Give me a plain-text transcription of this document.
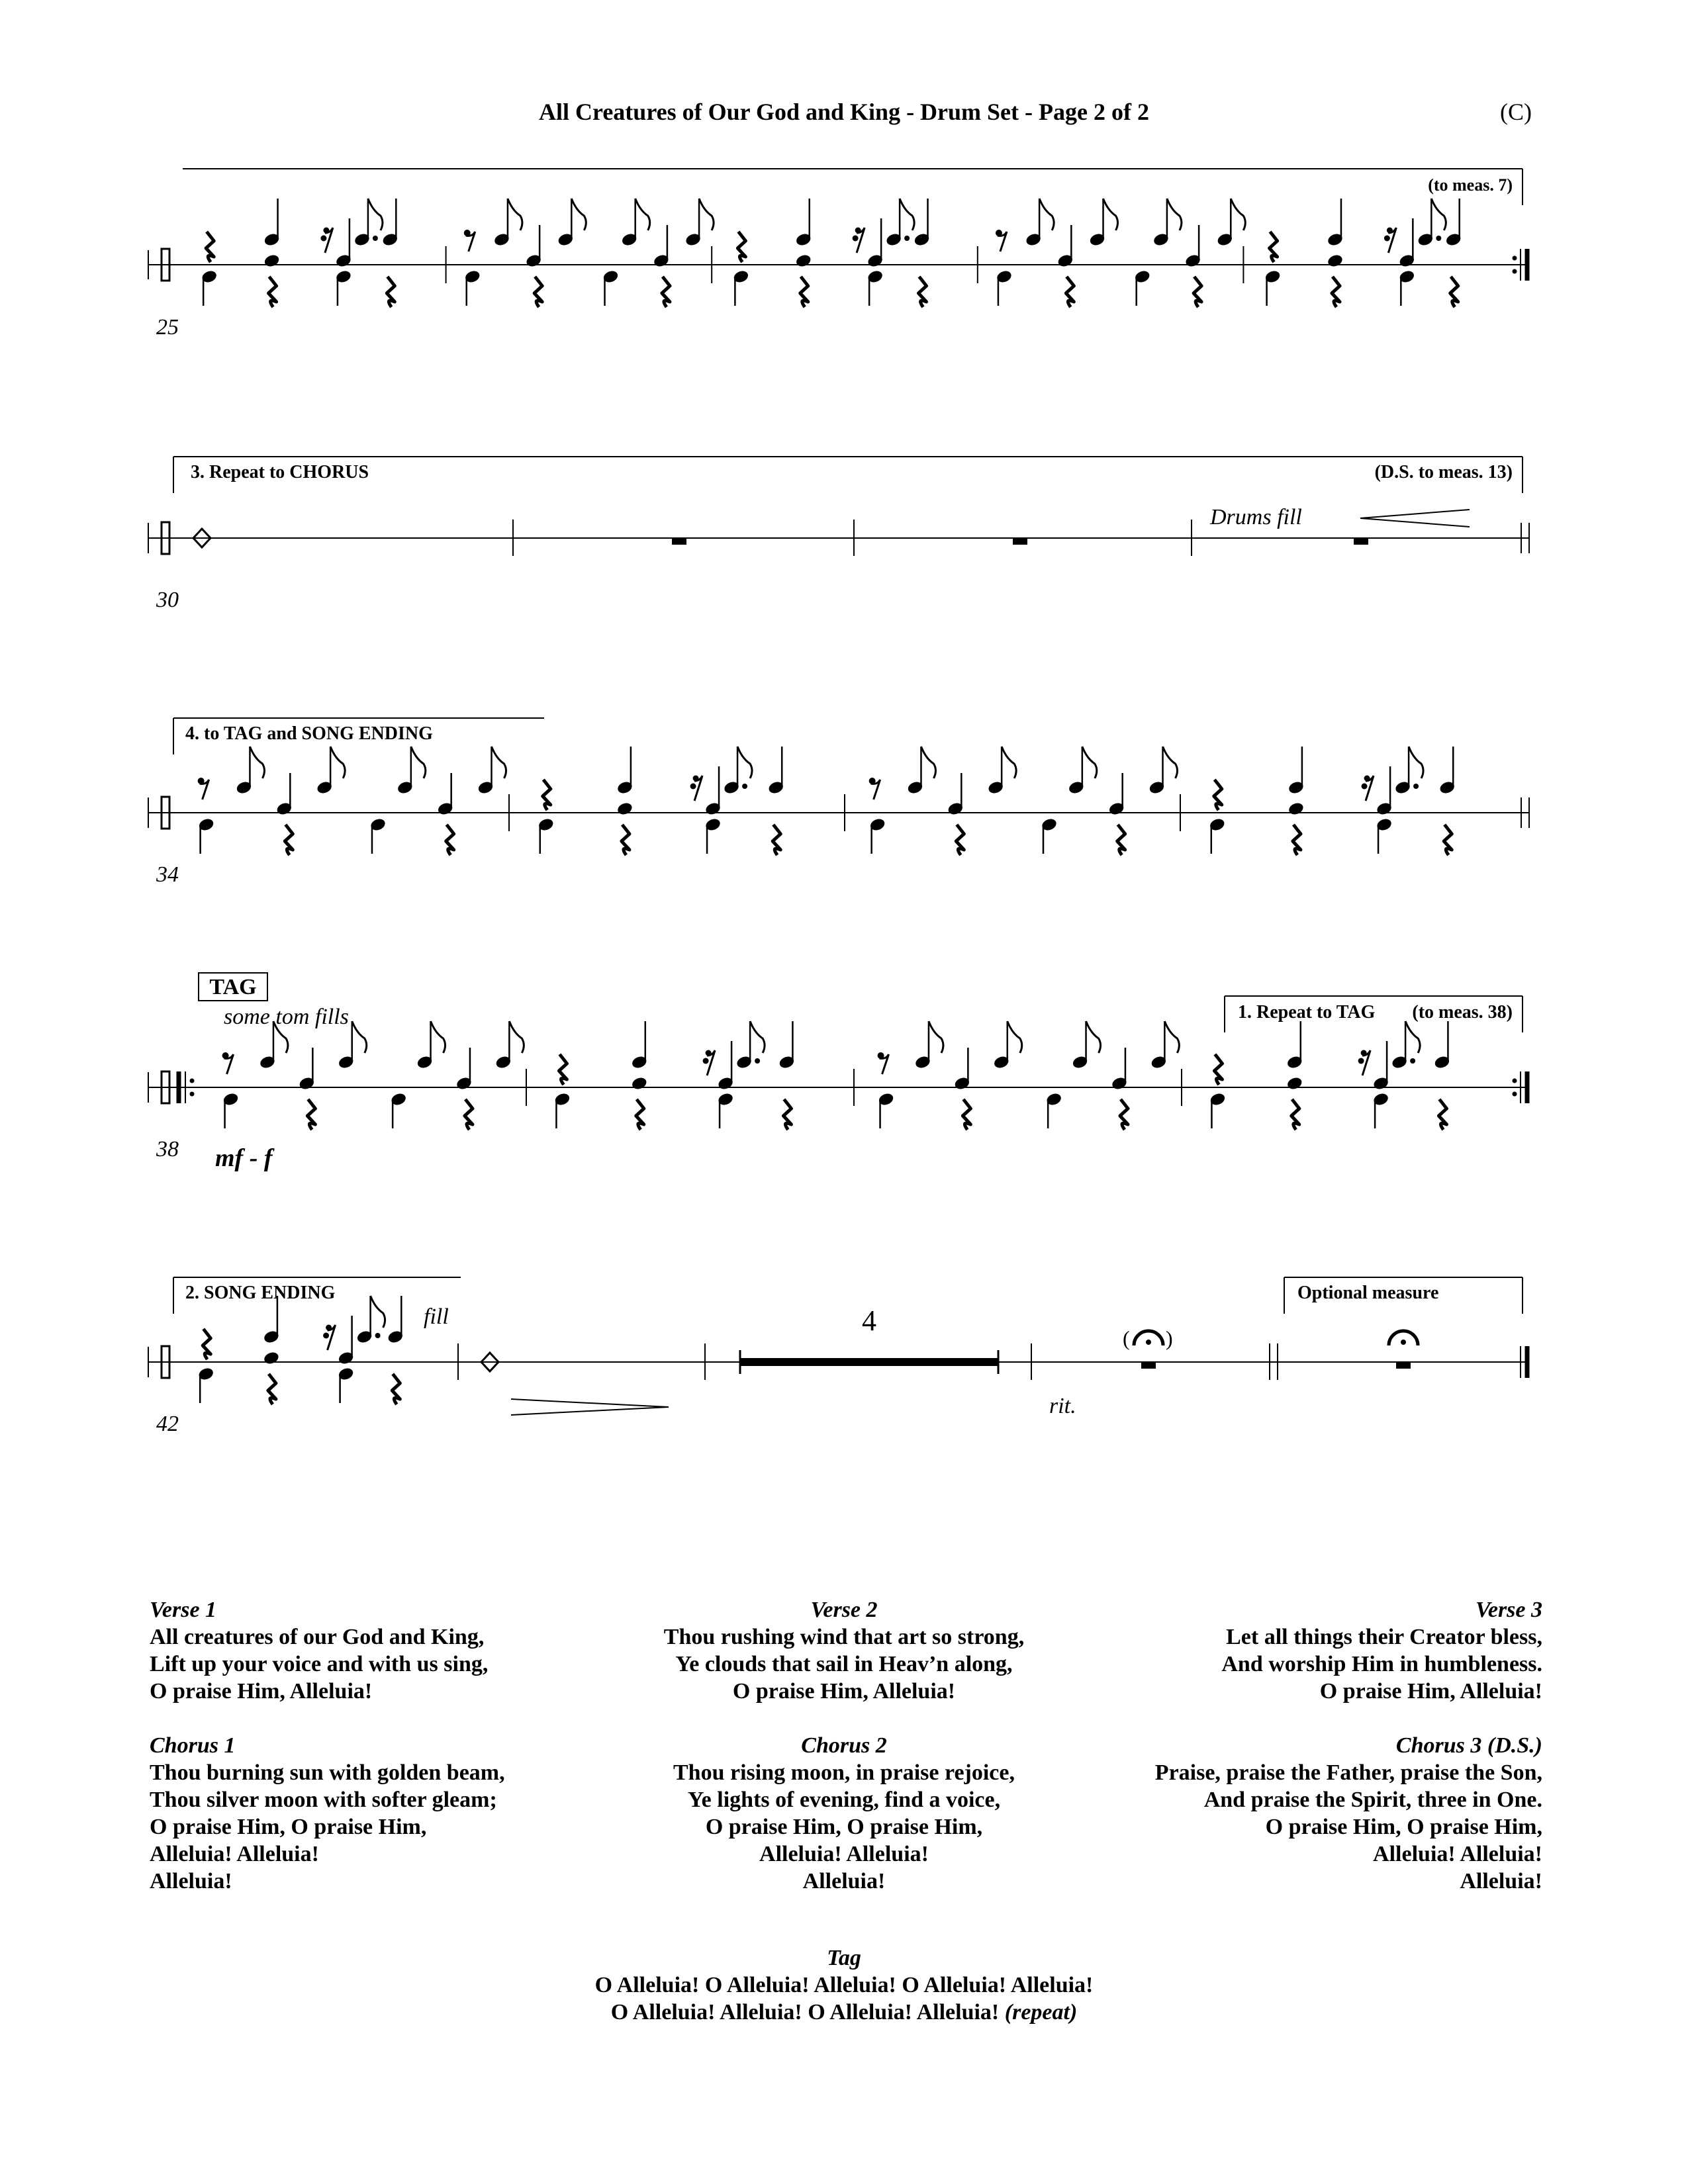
All Creatures of Our God and King - Drum Set - Page 2 of 2	(C)
(to meas. 7)
25
3. Repeat to CHORUS	(D.S. to meas. 13)
30
Drums fill
4. to TAG and SONG ENDING
34
TAG
some tom fills	1. Repeat to TAG (to meas. 38)
38 mf - f
2. SONG ENDING
42
fill	4
( )
rit.
Optional measure
Verse 1
All creatures of our God and King,
Lift up your voice and with us sing,
O praise Him, Alleluia!
Chorus 1
Thou burning sun with golden beam,
Thou silver moon with softer gleam;
O praise Him, O praise Him,
Alleluia! Alleluia!
Alleluia!
Verse 2
Thou rushing wind that art so strong,
Ye clouds that sail in Heav’n along,
O praise Him, Alleluia!
Chorus 2
Thou rising moon, in praise rejoice,
Ye lights of evening, find a voice,
O praise Him, O praise Him,
Alleluia! Alleluia!
Alleluia!
Verse 3
Let all things their Creator bless,
And worship Him in humbleness.
O praise Him, Alleluia!
Chorus 3 (D.S.)
Praise, praise the Father, praise the Son,
And praise the Spirit, three in One.
O praise Him, O praise Him,
Alleluia! Alleluia!
Alleluia!
Tag
O Alleluia! O Alleluia! Alleluia! O Alleluia! Alleluia!
O Alleluia! Alleluia! O Alleluia! Alleluia! (repeat)
